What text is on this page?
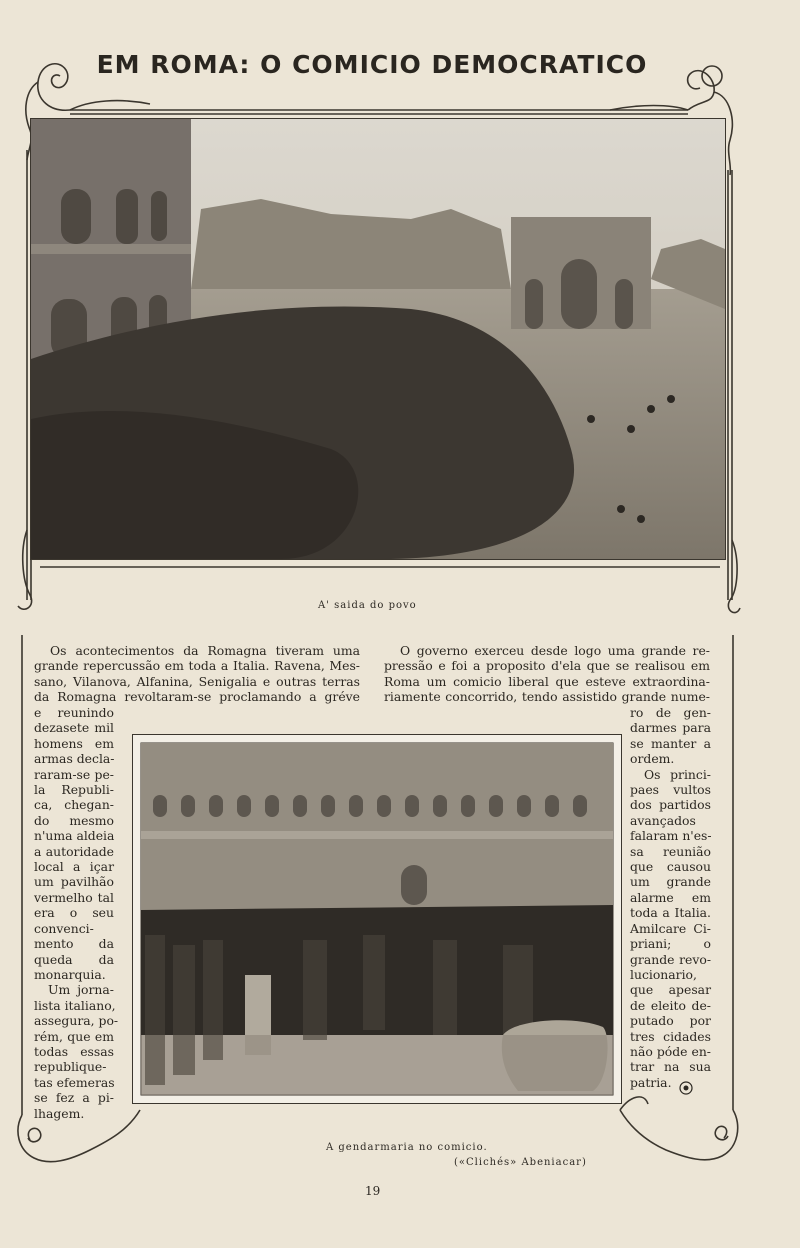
EM ROMA: O COMICIO DEMOCRATICO
A' saida do povo
Os acontecimentos da Romagna tiveram uma
grande repercussão em toda a Italia. Ravena, Mes-
sano, Vilanova, Alfanina, Senigalia e outras terras
da Romagna revoltaram-se proclamando a gréve
O governo exerceu desde logo uma grande re-
pressão e foi a proposito d'ela que se realisou em
Roma um comicio liberal que esteve extraordina-
riamente concorrido, tendo assistido grande nume-
e reunindo
dezasete mil
homens em
armas decla-
raram-se pe-
la Republi-
ca, chegan-
do mesmo
n'uma aldeia
a autoridade
local a içar
um pavilhão
vermelho tal
era o seu
convenci-
mento da
queda da
monarquia.
Um jorna-
lista italiano,
assegura, po-
rém, que em
todas essas
republique-
tas efemeras
se fez a pi-
lhagem.
ro de gen-
darmes para
se manter a
ordem.
Os princi-
paes vultos
dos partidos
avançados
falaram n'es-
sa reunião
que causou
um grande
alarme em
toda a Italia.
Amilcare Ci-
priani; o
grande revo-
lucionario,
que apesar
de eleito de-
putado por
tres cidades
não póde en-
trar na sua
patria.
A gendarmaria no comicio.
(«Clichés» Abeniacar)
19
